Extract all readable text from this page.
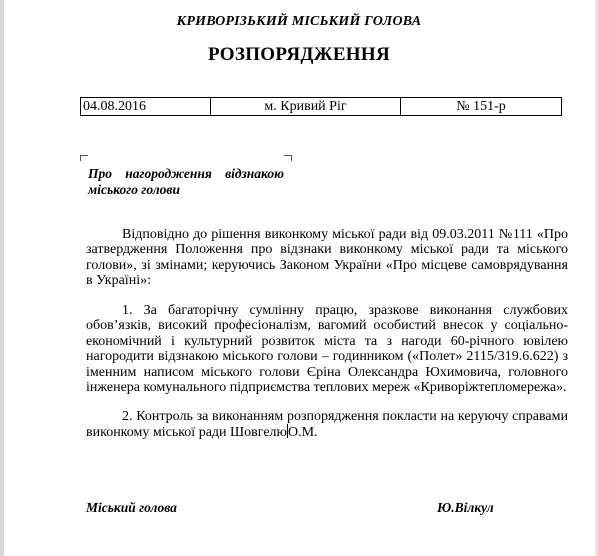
КРИВОРІЗЬКИЙ МІСЬКИЙ ГОЛОВА
РОЗПОРЯДЖЕННЯ
04.08.2016	м. Кривий Ріг	№ 151-р
Про нагородження відзнакою
міського голови
Відповідно до рішення виконкому міської ради від 09.03.2011 №111 «Про
затвердження Положення про відзнаки виконкому міської ради та міського
голови», зі змінами; керуючись Законом України «Про місцеве самоврядування
в Україні»:
1. За багаторічну сумлінну працю, зразкове виконання службових
обов’язків, високий професіоналізм, вагомий особистий внесок у соціально-
економічний і культурний розвиток міста та з нагоди 60-річного ювілею
нагородити відзнакою міського голови – годинником («Полет» 2115/319.6.622) з
іменним написом міського голови Єріна Олександра Юхимовича, головного
інженера комунального підприємства теплових мереж «Криворіжтепломережа».
2. Контроль за виконанням розпорядження покласти на керуючу справами
виконкому міської ради ШовгелюО.М.
Міський голова	Ю.Вілкул
